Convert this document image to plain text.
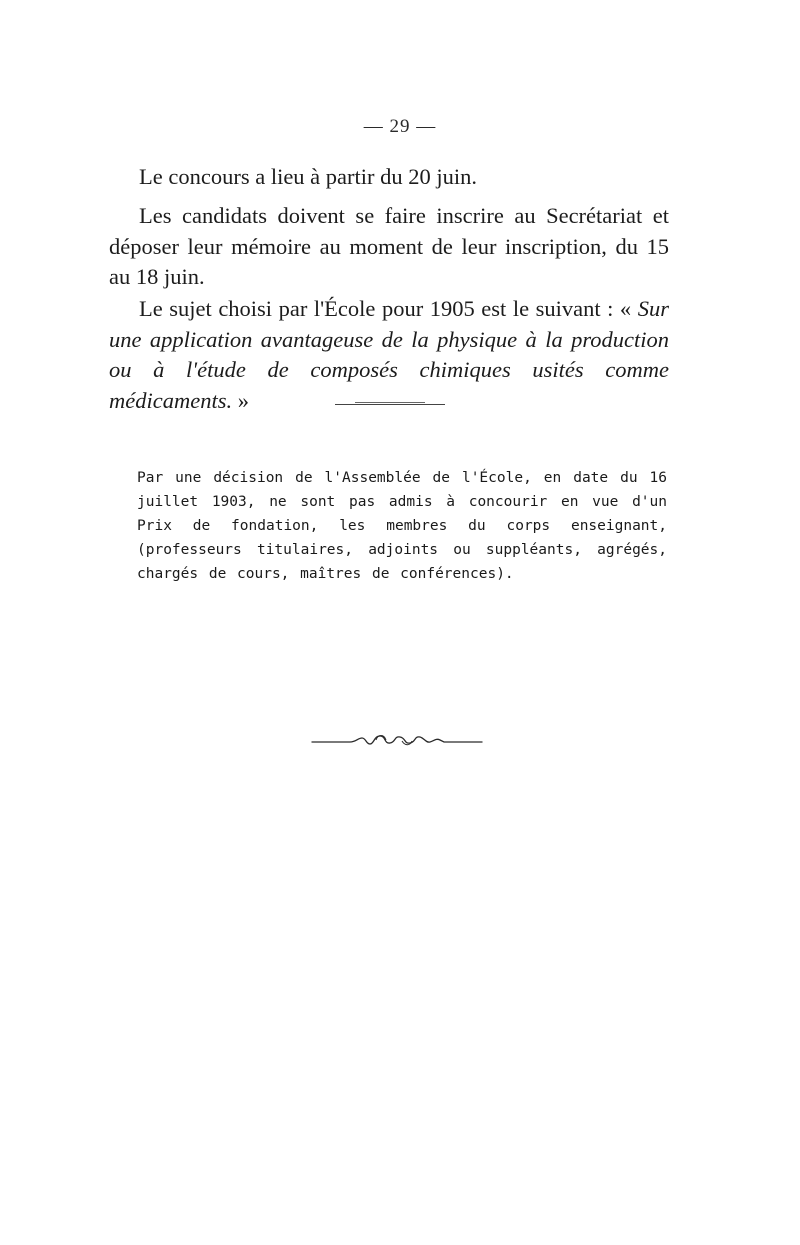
— 29 —

Le concours a lieu à partir du 20 juin.

Les candidats doivent se faire inscrire au Secrétariat et déposer leur mémoire au moment de leur inscription, du 15 au 18 juin.

Le sujet choisi par l'École pour 1905 est le suivant : « Sur une application avantageuse de la physique à la production ou à l'étude de composés chimiques usités comme médicaments. »

Par une décision de l'Assemblée de l'École, en date du 16 juillet 1903, ne sont pas admis à concourir en vue d'un Prix de fondation, les membres du corps enseignant, (professeurs titulaires, adjoints ou suppléants, agrégés, chargés de cours, maîtres de conférences).
